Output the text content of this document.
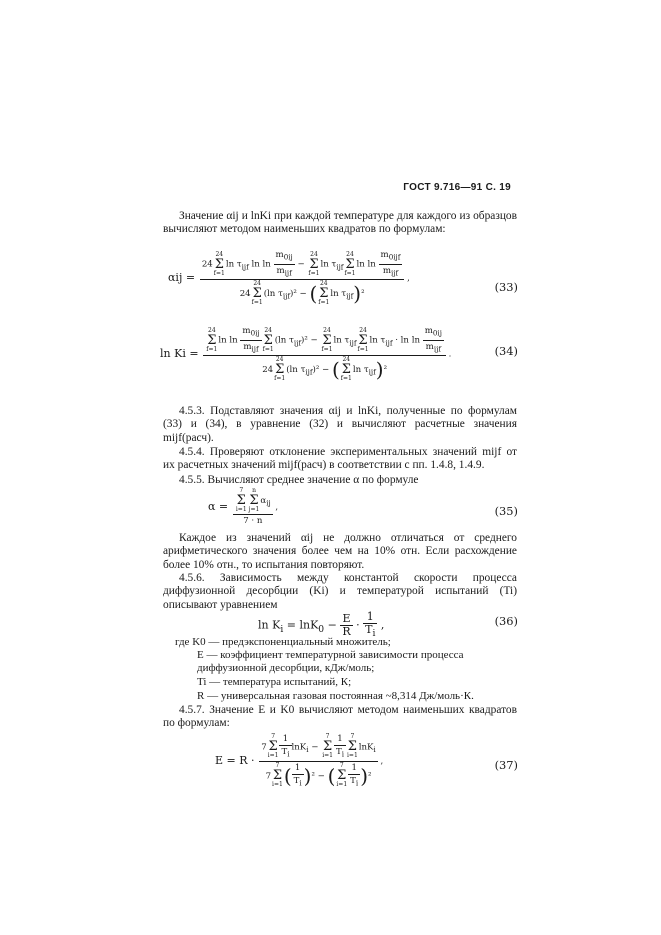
ГОСТ 9.716—91 С. 19
Значение αij и lnKi при каждой температуре для каждого из образцов вычисляют методом наименьших квадратов по формулам:
αij =
2424
Σ
f=1ln $\tau_{ijf}$ $\ln \ln \frac{m_{0ij}}{m_{ijf}} - 24$
Σ
f=1ln $\tau_{ijf}24$
Σ
f=1ln $\ln \frac{m_{0ijf}}{m_{ijf}}$
2424
Σ
f=1(ln $\tau_{ijf})^2$ − ( 24
Σ
f=1ln $\tau_{ijf})^2$
,
(33)
ln Ki =
24
Σ
f=1ln $\ln \frac{m_{0ij}}{m_{ijf}} 24$
Σ
f=1(ln $\tau_{ijf})^2 - 24$
Σ
f=1ln $\tau_{ijf}24$
Σ
f=1ln $\tau_{ijf} \cdot \ln \ln \frac{m_{0ij}}{m_{ijf}}$
2424
Σ
f=1(ln $\tau_{ijf})^2$ − ( 24
Σ
f=1ln $\tau_{ijf})^2$
.	(34)
4.5.3. Подставляют значения αij и lnKi, полученные по формулам (33) и (34), в уравнение (32) и вычисляют расчетные значения mijf(расч).
4.5.4. Проверяют отклонение экспериментальных значений mijf от их расчетных значений mijf(расч) в соответствии с пп. 1.4.8, 1.4.9.
4.5.5. Вычисляют среднее значение α по формуле
α = 7
Σ
i=1n
Σ
$j=1\alpha_{ij}$
7 · n ,	(35)
Каждое из значений αij не должно отличаться от среднего арифметического значения более чем на 10% отн. Если расхождение более 10% отн., то испытания повторяют.
4.5.6. Зависимость между константой скорости процесса диффузионной десорбции (Ki) и температурой испытаний (Ti) описывают уравнением
$\ln K_i = \ln K_0 - \frac{E}{R} \cdot \frac{1}{T_i}$ ,	(36)
где K0 — предэкспоненциальный множитель;
E — коэффициент температурной зависимости процесса диффузионной десорбции, кДж/моль;
Ti — температура испытаний, К;
R — универсальная газовая постоянная ~8,314 Дж/моль·К.
4.5.7. Значение E и K0 вычисляют методом наименьших квадратов по формулам:
E = R · 77
Σ
$i=1 \frac{1}{T_i} \ln K_i - 7$
Σ
$i=1 \frac{1}{T_i} 7$
Σ
i=1lnK$_i$
77
Σ
$i=1( \frac{1}{T_i} )^2$ − ( 7
Σ
$i=1 \frac{1}{T_i} )^2$ ,	(37)
